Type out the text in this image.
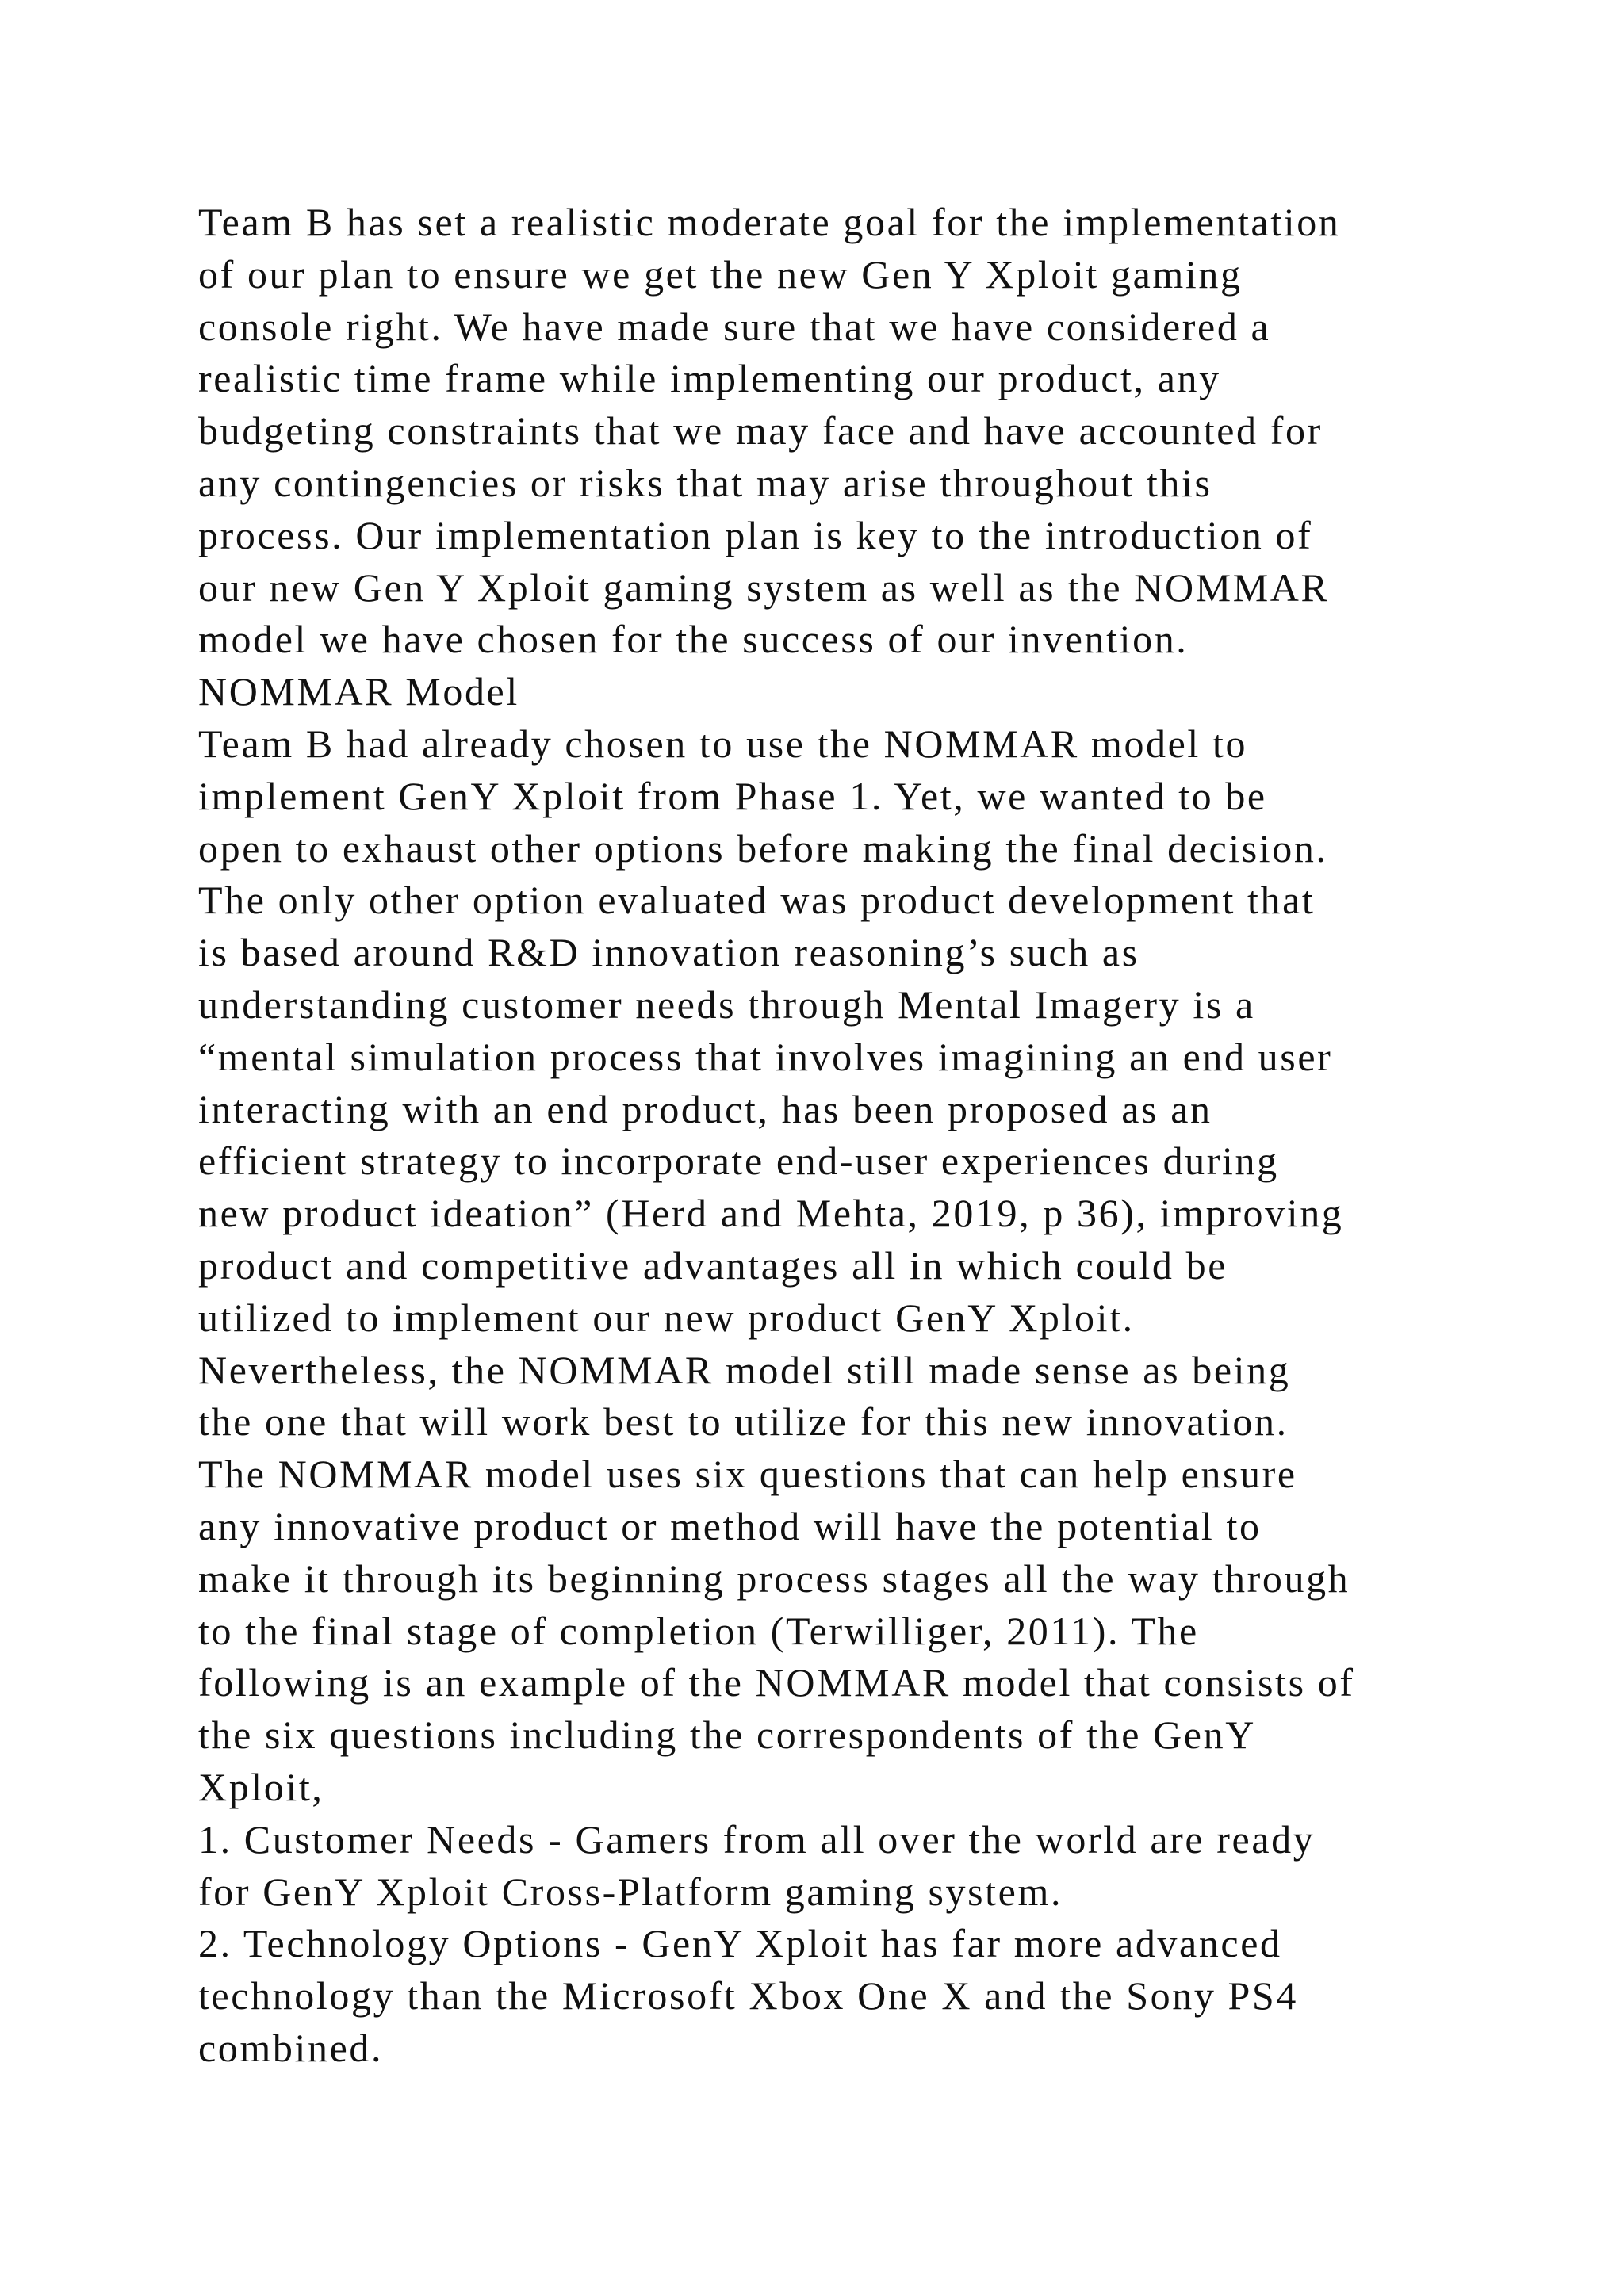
Team B has set a realistic moderate goal for the implementation
of our plan to ensure we get the new Gen Y Xploit gaming
console right. We have made sure that we have considered a
realistic time frame while implementing our product, any
budgeting constraints that we may face and have accounted for
any contingencies or risks that may arise throughout this
process. Our implementation plan is key to the introduction of
our new Gen Y Xploit gaming system as well as the NOMMAR
model we have chosen for the success of our invention.
NOMMAR Model
Team B had already chosen to use the NOMMAR model to
implement GenY Xploit from Phase 1. Yet, we wanted to be
open to exhaust other options before making the final decision.
The only other option evaluated was product development that
is based around R&D innovation reasoning’s such as
understanding customer needs through Mental Imagery is a
“mental simulation process that involves imagining an end user
interacting with an end product, has been proposed as an
efficient strategy to incorporate end-user experiences during
new product ideation” (Herd and Mehta, 2019, p 36), improving
product and competitive advantages all in which could be
utilized to implement our new product GenY Xploit.
Nevertheless, the NOMMAR model still made sense as being
the one that will work best to utilize for this new innovation.
The NOMMAR model uses six questions that can help ensure
any innovative product or method will have the potential to
make it through its beginning process stages all the way through
to the final stage of completion (Terwilliger, 2011). The
following is an example of the NOMMAR model that consists of
the six questions including the correspondents of the GenY
Xploit,
1. Customer Needs - Gamers from all over the world are ready
for GenY Xploit Cross-Platform gaming system.
2. Technology Options - GenY Xploit has far more advanced
technology than the Microsoft Xbox One X and the Sony PS4
combined.
